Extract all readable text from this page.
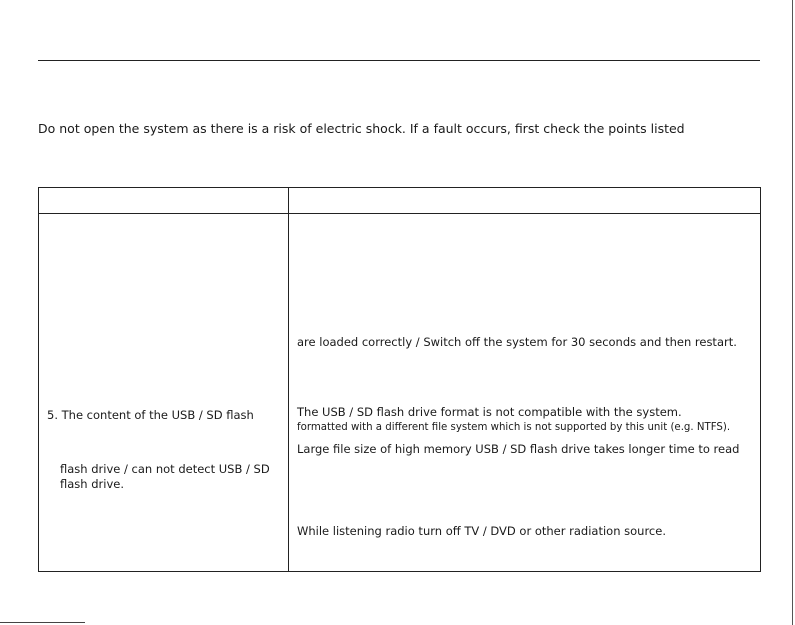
Do not open the system as there is a risk of electric shock. If a fault occurs, first check the points listed
5. The content of the USB / SD flash
flash drive / can not detect USB / SD
flash drive.
are loaded correctly / Switch off the system for 30 seconds and then restart.
The USB / SD flash drive format is not compatible with the system.
formatted with a different file system which is not supported by this unit (e.g. NTFS).
Large file size of high memory USB / SD flash drive takes longer time to read
While listening radio turn off TV / DVD or other radiation source.
